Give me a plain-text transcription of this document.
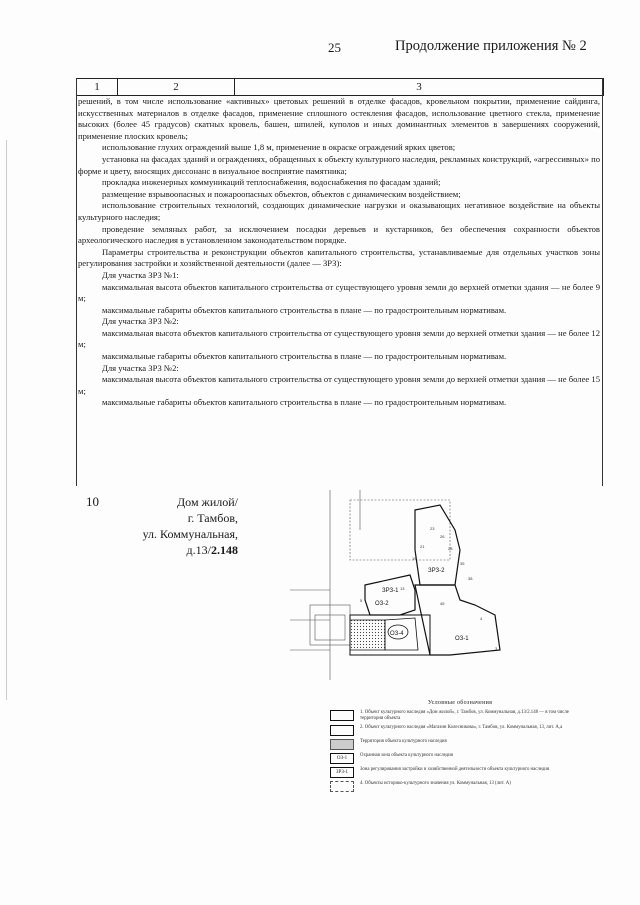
25	Продолжение приложения № 2
1	2	3

решений, в том числе использование «активных» цветовых решений в отделке фасадов, кровельном покрытии, применение сайдинга, искусственных материалов в отделке фасадов, применение сплошного остекления фасадов, использование цветного стекла, применение высоких (более 45 градусов) скатных кровель, башен, шпилей, куполов и иных доминантных элементов в завершениях сооружений, применение плоских кровель;

использование глухих ограждений выше 1,8 м, применение в окраске ограждений ярких цветов;

установка на фасадах зданий и ограждениях, обращенных к объекту культурного наследия, рекламных конструкций, «агрессивных» по форме и цвету, вносящих диссонанс в визуальное восприятие памятника;

прокладка инженерных коммуникаций теплоснабжения, водоснабжения по фасадам зданий;

размещение взрывоопасных и пожароопасных объектов, объектов с динамическим воздействием;

использование строительных технологий, создающих динамические нагрузки и оказывающих негативное воздействие на объекты культурного наследия;

проведение земляных работ, за исключением посадки деревьев и кустарников, без обеспечения сохранности объектов археологического наследия в установленном законодательством порядке.

Параметры строительства и реконструкции объектов капитального строительства, устанавливаемые для отдельных участков зоны регулирования застройки и хозяйственной деятельности (далее — ЗРЗ):

Для участка ЗРЗ №1:

максимальная высота объектов капитального строительства от существующего уровня земли до верхней отметки здания — не более 9 м;

максимальные габариты объектов капитального строительства в плане — по градостроительным нормативам.

Для участка ЗРЗ №2:

максимальная высота объектов капитального строительства от существующего уровня земли до верхней отметки здания — не более 12 м;

максимальные габариты объектов капитального строительства в плане — по градостроительным нормативам.

Для участка ЗРЗ №2:

максимальная высота объектов капитального строительства от существующего уровня земли до верхней отметки здания — не более 15 м;

максимальные габариты объектов капитального строительства в плане — по градостроительным нормативам.

10	Дом жилой/
г. Тамбов,
ул. Коммунальная,
д.13/2.148
ЗРЗ-2
ЗРЗ-1
ОЗ-2
ОЗ-1
ОЗ-4
23
26
28
21
19
35
38
13
5
45
4
3
Условные обозначения
1. Объект культурного наследия «Дом жилой», г. Тамбов, ул. Коммунальная, д.13/2.148 — в том числе территория объекта
2. Объект культурного наследия «Магазин Колесникова», г. Тамбов, ул. Коммунальная, 13, лит. А,а
Территория объекта культурного наследия
ОЗ-1
Охранная зона объекта культурного наследия
ЗРЗ-1
Зона регулирования застройки и хозяйственной деятельности объекта культурного наследия
4. Объекты историко-культурного значения ул. Коммунальная, 13 (лит. А)
